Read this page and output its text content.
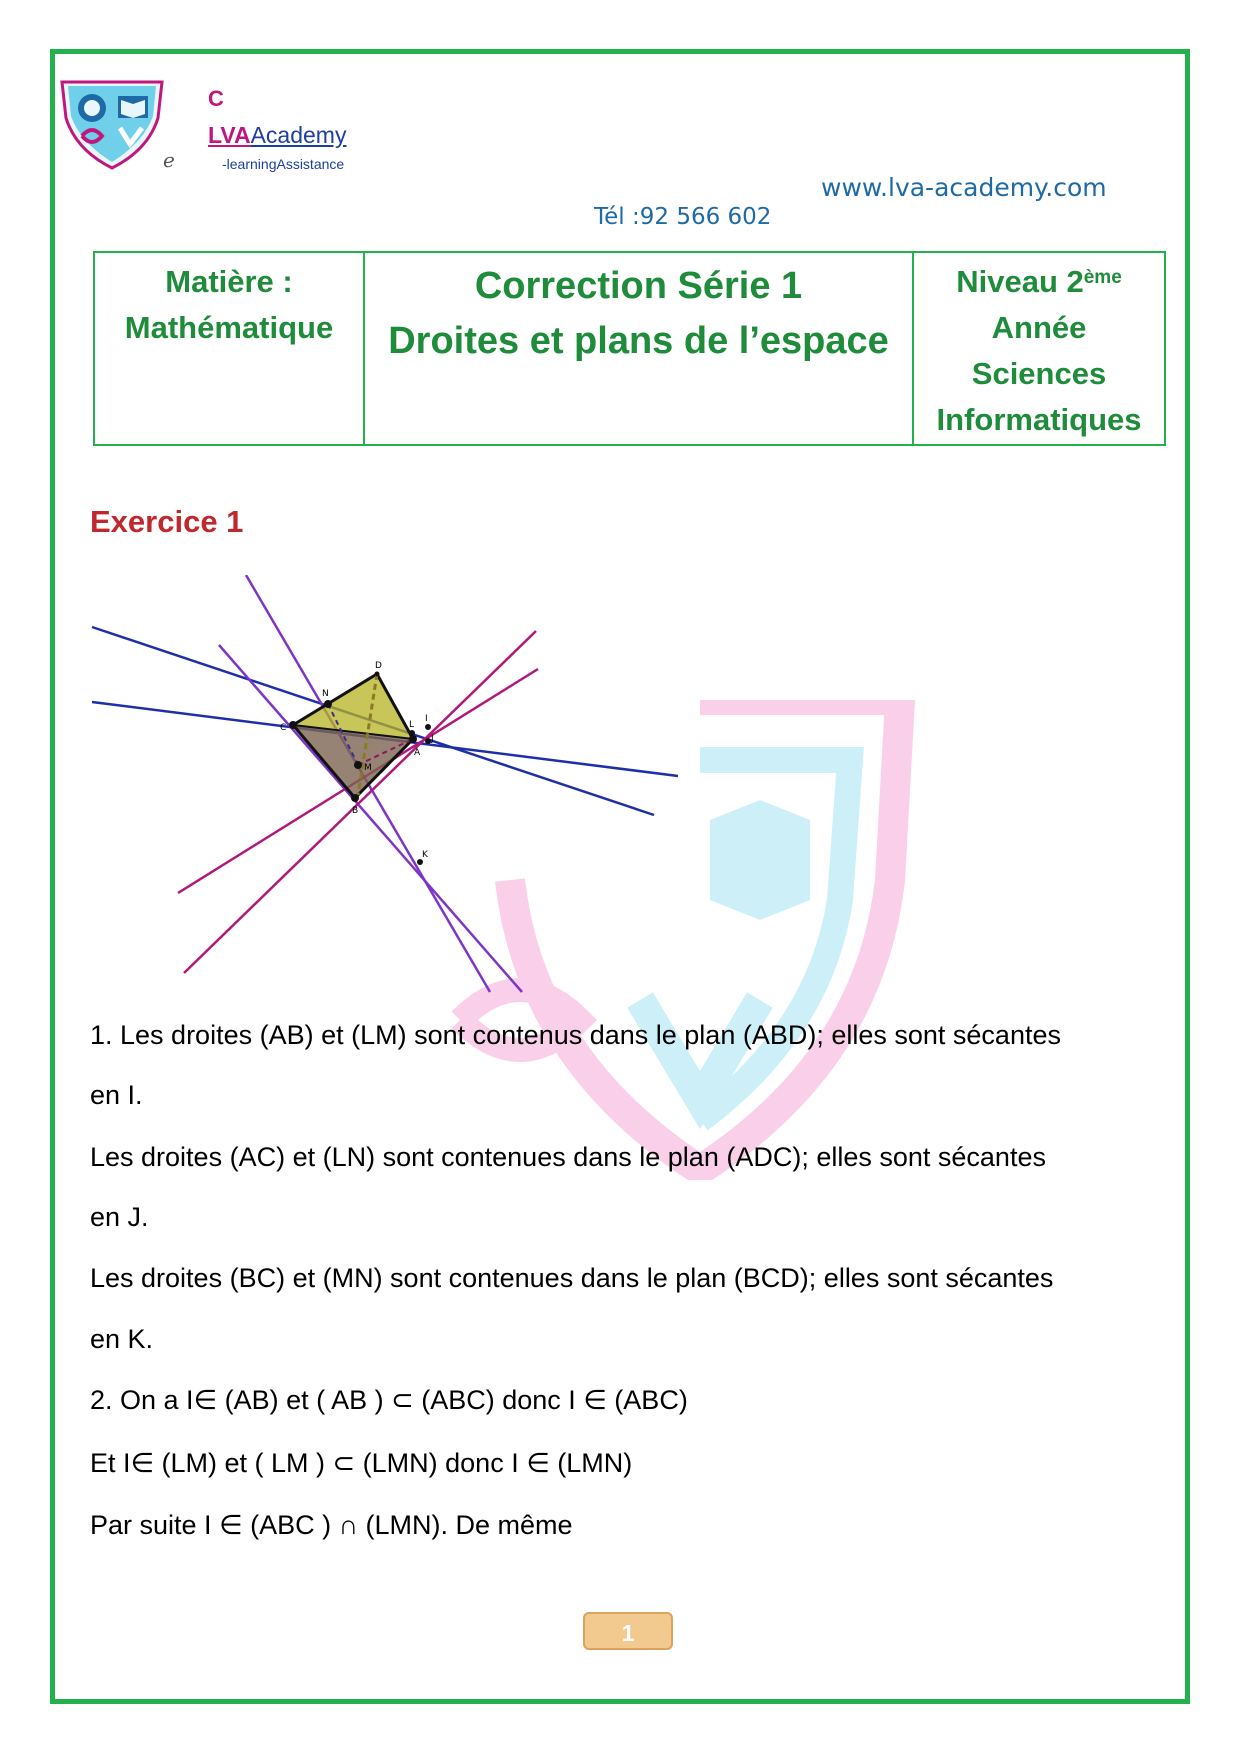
C
LVAAcademy
e	-learningAssistance
www.lva-academy.com
Tél :92 566 602
Matière :
Mathématique

Correction Série 1
Droites et plans de l’espace

Niveau 2ème
Année
Sciences
Informatiques
Exercice 1
D
N
C	L
I
J
A
M
B
K

1. Les droites (AB) et (LM) sont contenus dans le plan (ABD); elles sont sécantes

en I.

Les droites (AC) et (LN) sont contenues dans le plan (ADC); elles sont sécantes

en J.

Les droites (BC) et (MN) sont contenues dans le plan (BCD); elles sont sécantes

en K.

2. On a I∈ (AB) et ( AB ) ⊂ (ABC) donc I ∈ (ABC)

Et I∈ (LM) et ( LM ) ⊂ (LMN) donc I ∈ (LMN)

Par suite I ∈ (ABC ) ∩ (LMN). De même

1
